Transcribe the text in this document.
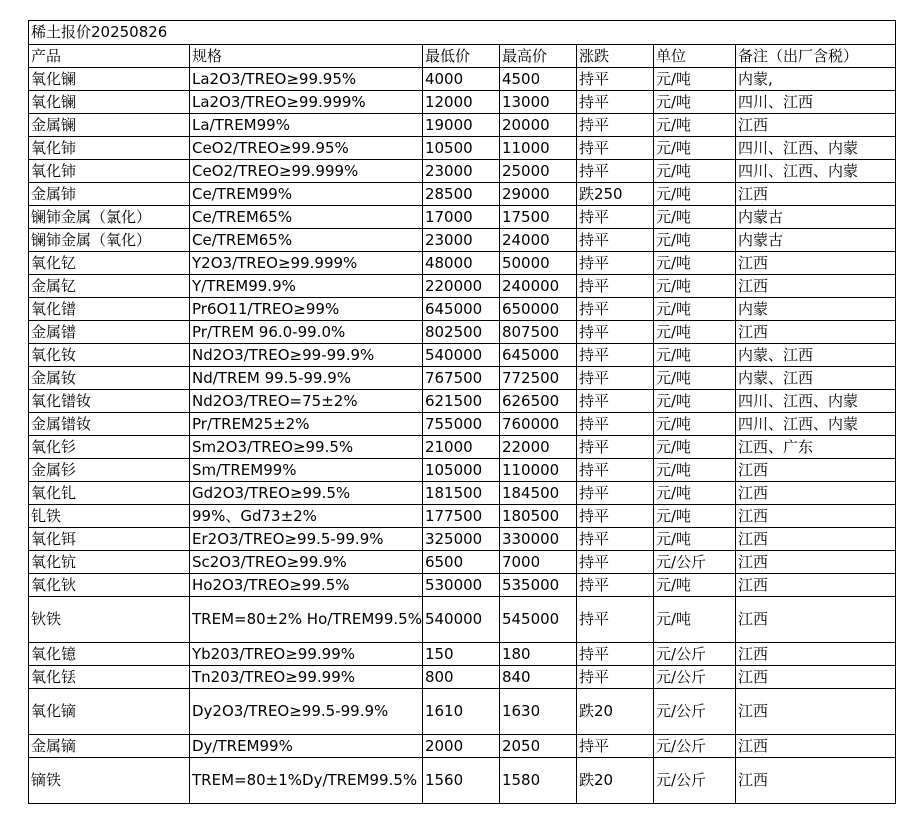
稀土报价20250826						
产品	规格	最低价	最高价	涨跌	单位	备注（出厂含税）
氧化镧	La2O3/TREO≥99.95%	4000	4500	持平	元/吨	内蒙,
氧化镧	La2O3/TREO≥99.999%	12000	13000	持平	元/吨	四川、江西
金属镧	La/TREM99%	19000	20000	持平	元/吨	江西
氧化铈	CeO2/TREO≥99.95%	10500	11000	持平	元/吨	四川、江西、内蒙
氧化铈	CeO2/TREO≥99.999%	23000	25000	持平	元/吨	四川、江西、内蒙
金属铈	Ce/TREM99%	28500	29000	跌250	元/吨	江西
镧铈金属（氯化）	Ce/TREM65%	17000	17500	持平	元/吨	内蒙古
镧铈金属（氧化）	Ce/TREM65%	23000	24000	持平	元/吨	内蒙古
氧化钇	Y2O3/TREO≥99.999%	48000	50000	持平	元/吨	江西
金属钇	Y/TREM99.9%	220000	240000	持平	元/吨	江西
氧化镨	Pr6O11/TREO≥99%	645000	650000	持平	元/吨	内蒙
金属镨	Pr/TREM 96.0-99.0%	802500	807500	持平	元/吨	江西
氧化钕	Nd2O3/TREO≥99-99.9%	540000	645000	持平	元/吨	内蒙、江西
金属钕	Nd/TREM 99.5-99.9%	767500	772500	持平	元/吨	内蒙、江西
氧化镨钕	Nd2O3/TREO=75±2%	621500	626500	持平	元/吨	四川、江西、内蒙
金属镨钕	Pr/TREM25±2%	755000	760000	持平	元/吨	四川、江西、内蒙
氧化钐	Sm2O3/TREO≥99.5%	21000	22000	持平	元/吨	江西、广东
金属钐	Sm/TREM99%	105000	110000	持平	元/吨	江西
氧化钆	Gd2O3/TREO≥99.5%	181500	184500	持平	元/吨	江西
钆铁	99%、Gd73±2%	177500	180500	持平	元/吨	江西
氧化铒	Er2O3/TREO≥99.5-99.9%	325000	330000	持平	元/吨	江西
氧化钪	Sc2O3/TREO≥99.9%	6500	7000	持平	元/公斤	江西
氧化钬	Ho2O3/TREO≥99.5%	530000	535000	持平	元/吨	江西
钬铁	TREM=80±2% Ho/TREM99.5%	540000	545000	持平	元/吨	江西
氧化镱	Yb203/TREO≥99.99%	150	180	持平	元/公斤	江西
氧化铥	Tn203/TREO≥99.99%	800	840	持平	元/公斤	江西
氧化镝	Dy2O3/TREO≥99.5-99.9%	1610	1630	跌20	元/公斤	江西
金属镝	Dy/TREM99%	2000	2050	持平	元/公斤	江西
镝铁	TREM=80±1%Dy/TREM99.5%	1560	1580	跌20	元/公斤	江西
